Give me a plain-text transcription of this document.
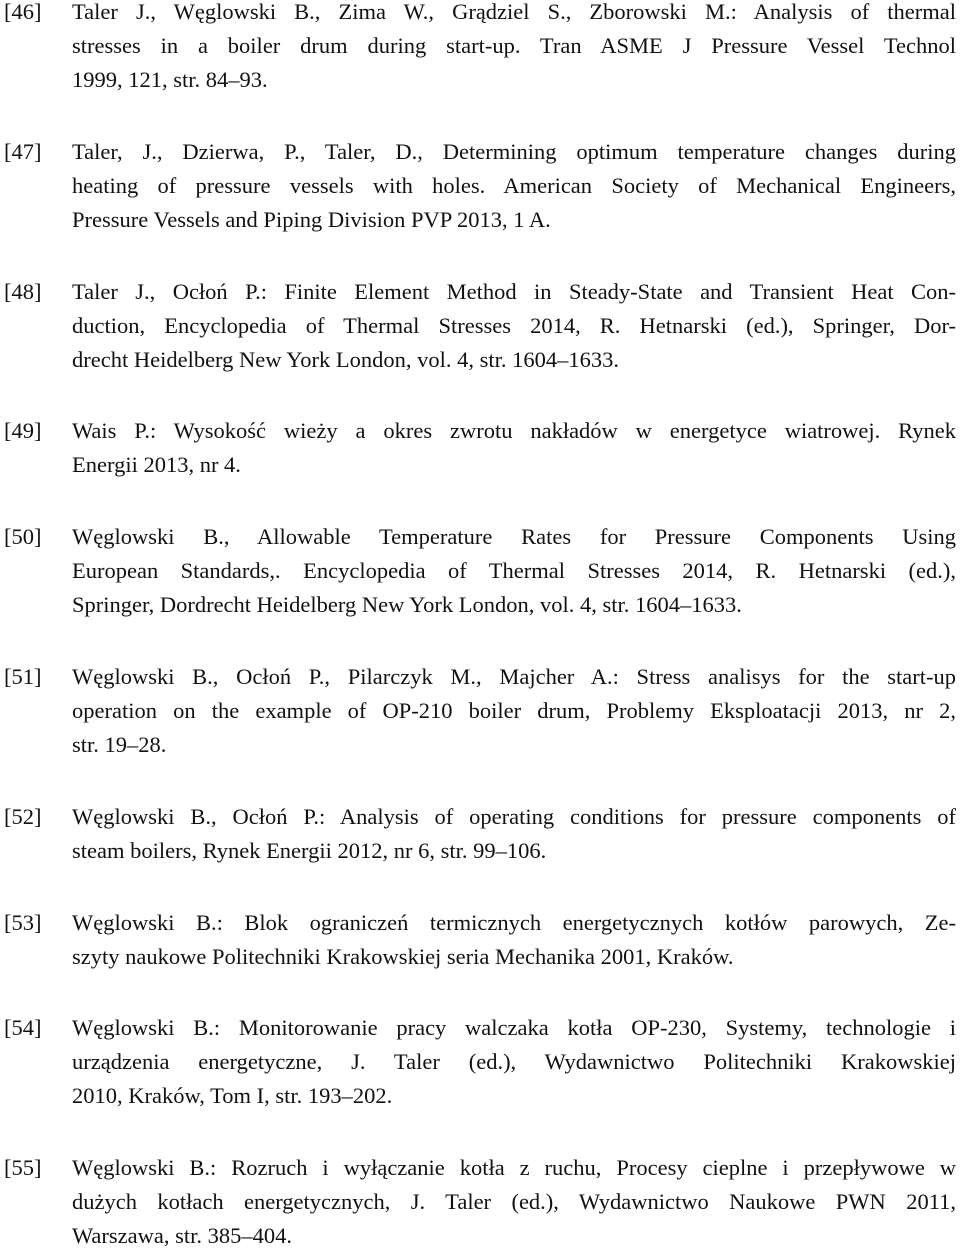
[46] Taler J., Węglowski B., Zima W., Grądziel S., Zborowski M.: Analysis of thermal
stresses in a boiler drum during start-up. Tran ASME J Pressure Vessel Technol
1999, 121, str. 84–93.
[47] Taler, J., Dzierwa, P., Taler, D., Determining optimum temperature changes during
heating of pressure vessels with holes. American Society of Mechanical Engineers,
Pressure Vessels and Piping Division PVP 2013, 1 A.
[48] Taler J., Ocłoń P.: Finite Element Method in Steady-State and Transient Heat Con-
duction, Encyclopedia of Thermal Stresses 2014, R. Hetnarski (ed.), Springer, Dor-
drecht Heidelberg New York London, vol. 4, str. 1604–1633.
[49] Wais P.: Wysokość wieży a okres zwrotu nakładów w energetyce wiatrowej. Rynek
Energii 2013, nr 4.
[50] Węglowski B., Allowable Temperature Rates for Pressure Components Using
European Standards,. Encyclopedia of Thermal Stresses 2014, R. Hetnarski (ed.),
Springer, Dordrecht Heidelberg New York London, vol. 4, str. 1604–1633.
[51] Węglowski B., Ocłoń P., Pilarczyk M., Majcher A.: Stress analisys for the start-up
operation on the example of OP-210 boiler drum, Problemy Eksploatacji 2013, nr 2,
str. 19–28.
[52] Węglowski B., Ocłoń P.: Analysis of operating conditions for pressure components of
steam boilers, Rynek Energii 2012, nr 6, str. 99–106.
[53] Węglowski B.: Blok ograniczeń termicznych energetycznych kotłów parowych, Ze-
szyty naukowe Politechniki Krakowskiej seria Mechanika 2001, Kraków.
[54] Węglowski B.: Monitorowanie pracy walczaka kotła OP-230, Systemy, technologie i
urządzenia energetyczne, J. Taler (ed.), Wydawnictwo Politechniki Krakowskiej
2010, Kraków, Tom I, str. 193–202.
[55] Węglowski B.: Rozruch i wyłączanie kotła z ruchu, Procesy cieplne i przepływowe w
dużych kotłach energetycznych, J. Taler (ed.), Wydawnictwo Naukowe PWN 2011,
Warszawa, str. 385–404.
